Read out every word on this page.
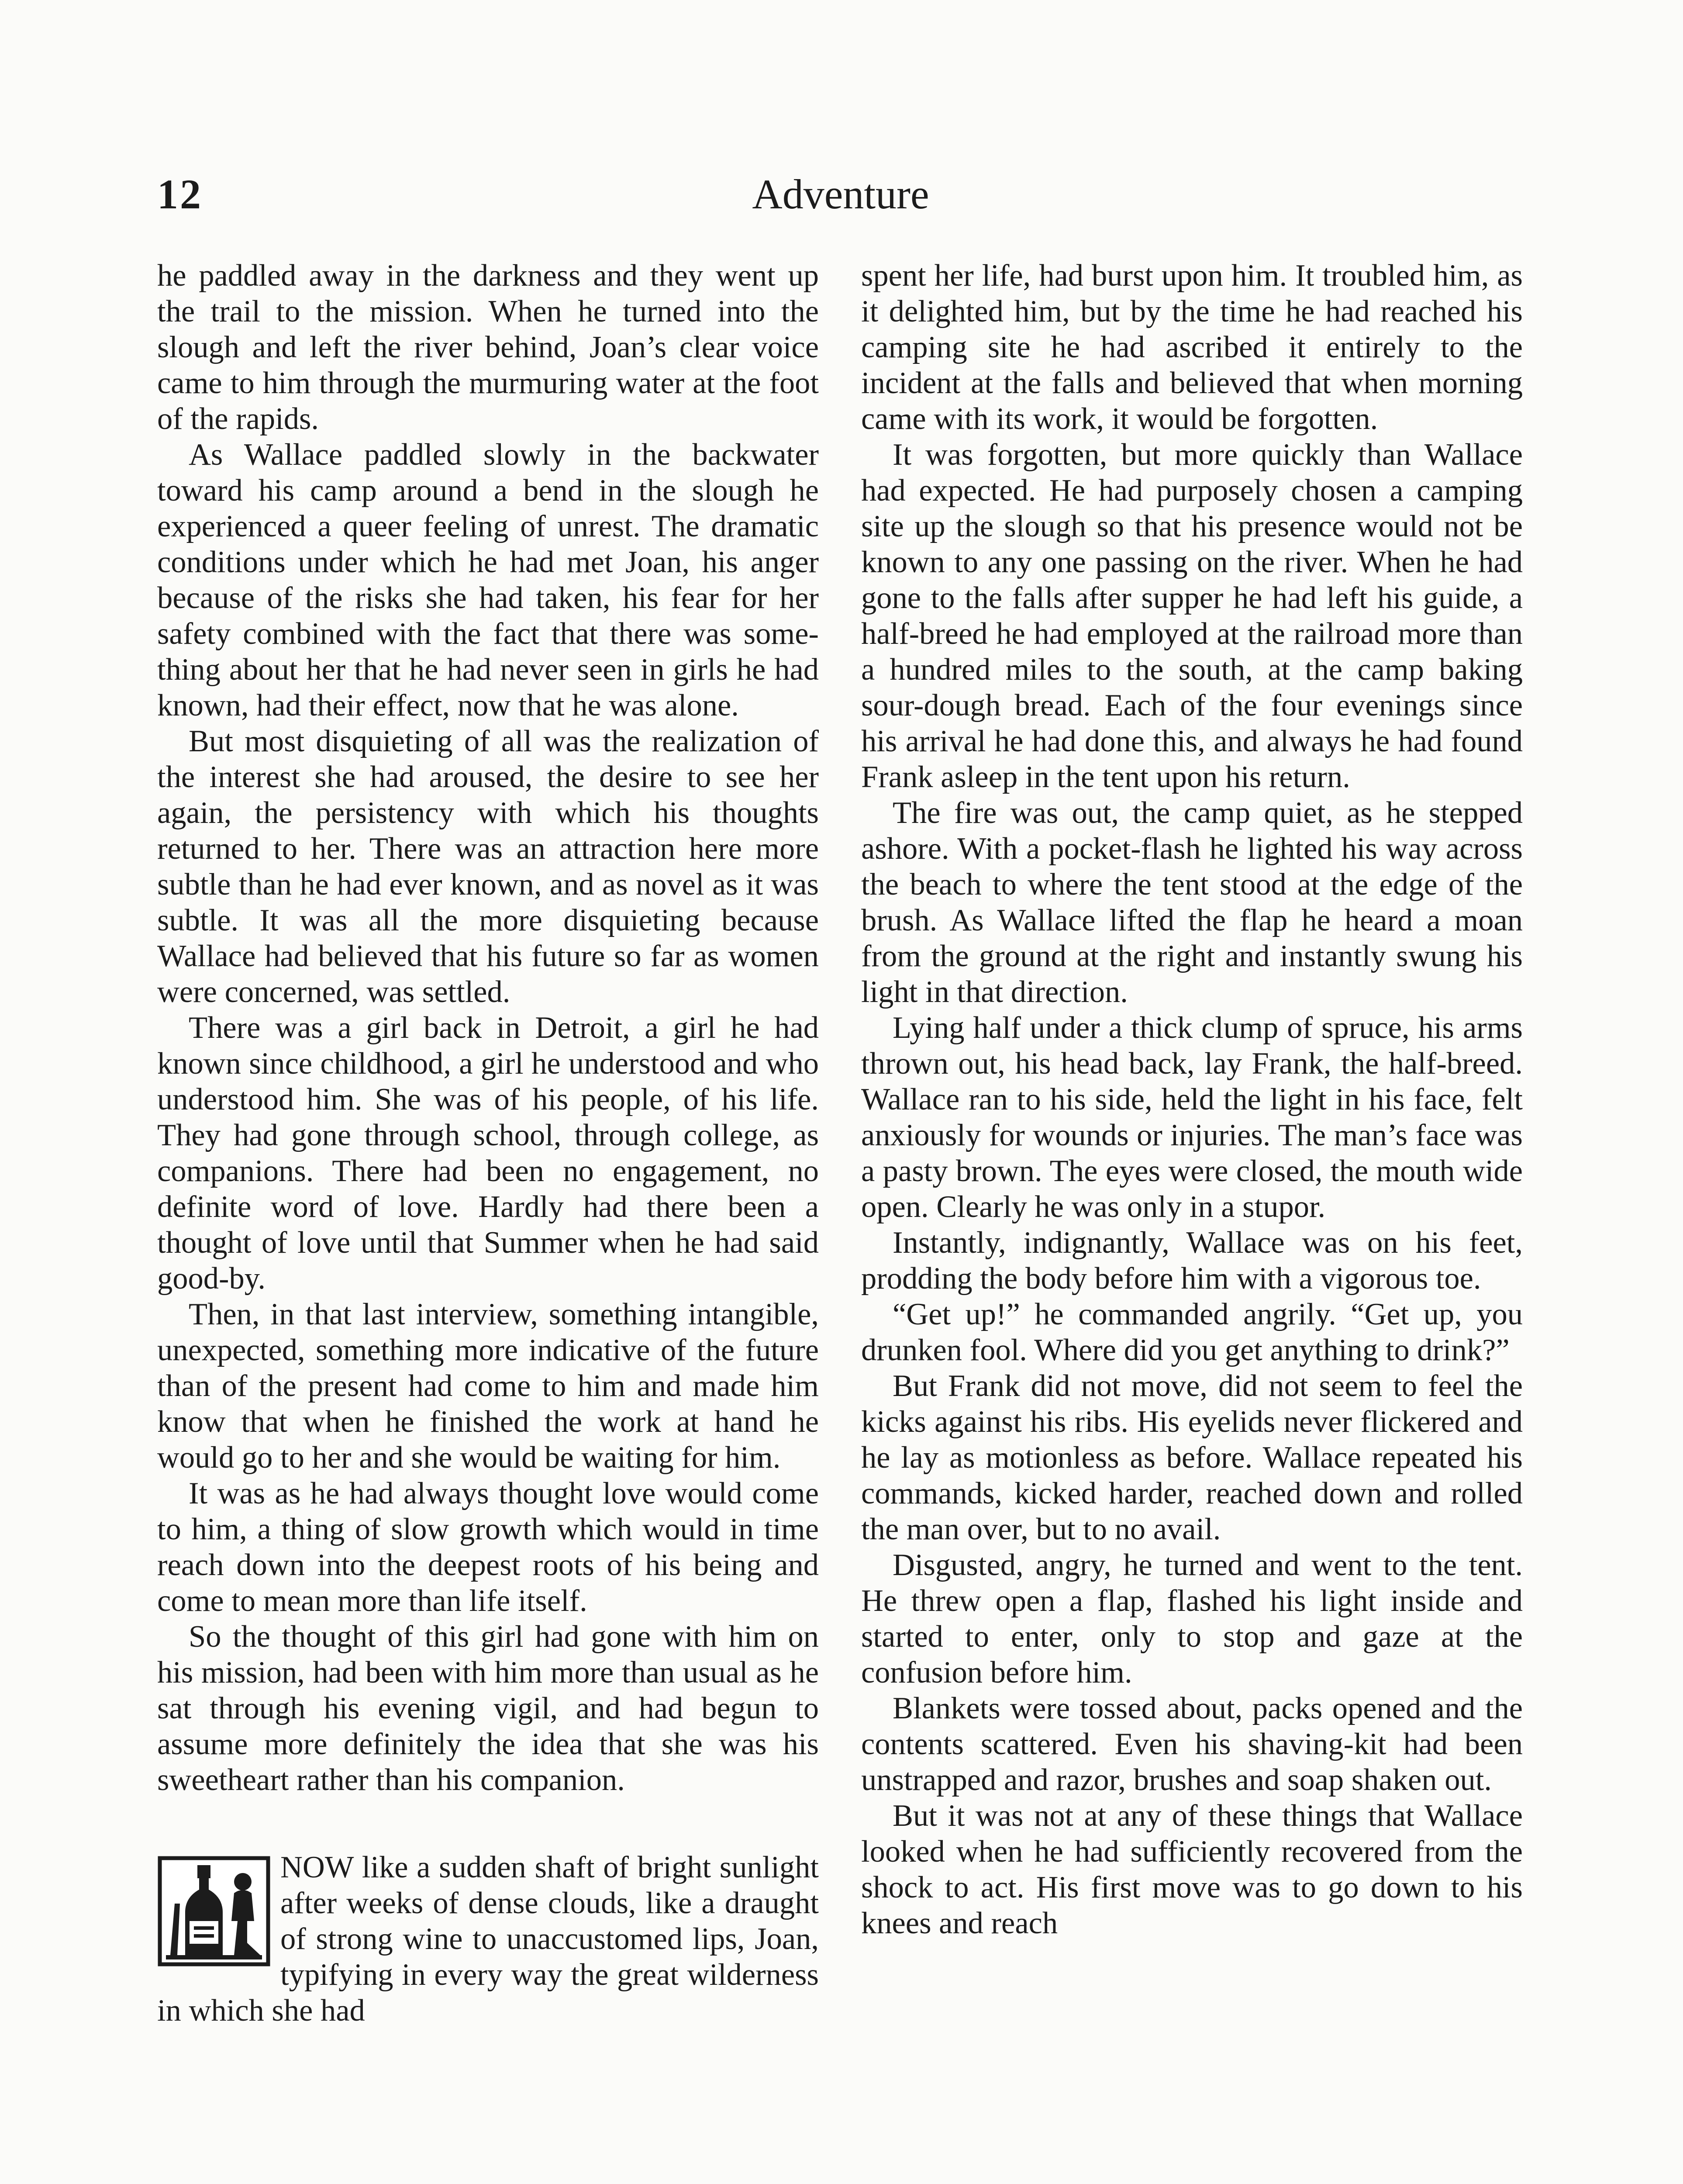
12	Adventure

he paddled away in the darkness and they went up the trail to the mission. When he turned into the slough and left the river behind, Joan’s clear voice came to him through the murmuring water at the foot of the rapids.

As Wallace paddled slowly in the backwater toward his camp around a bend in the slough he experienced a queer feeling of unrest. The dramatic conditions under which he had met Joan, his anger because of the risks she had taken, his fear for her safety combined with the fact that there was something about her that he had never seen in girls he had known, had their effect, now that he was alone.

But most disquieting of all was the realization of the interest she had aroused, the desire to see her again, the persistency with which his thoughts returned to her. There was an attraction here more subtle than he had ever known, and as novel as it was subtle. It was all the more disquieting because Wallace had believed that his future so far as women were concerned, was settled.

There was a girl back in Detroit, a girl he had known since childhood, a girl he understood and who understood him. She was of his people, of his life. They had gone through school, through college, as companions. There had been no engagement, no definite word of love. Hardly had there been a thought of love until that Summer when he had said good-by.

Then, in that last interview, something intangible, unexpected, something more indicative of the future than of the present had come to him and made him know that when he finished the work at hand he would go to her and she would be waiting for him.

It was as he had always thought love would come to him, a thing of slow growth which would in time reach down into the deepest roots of his being and come to mean more than life itself.

So the thought of this girl had gone with him on his mission, had been with him more than usual as he sat through his evening vigil, and had begun to assume more definitely the idea that she was his sweetheart rather than his companion.

NOW like a sudden shaft of bright sunlight after weeks of dense clouds, like a draught of strong wine to unaccustomed lips, Joan, typifying in every way the great wilderness in which she had

spent her life, had burst upon him. It troubled him, as it delighted him, but by the time he had reached his camping site he had ascribed it entirely to the incident at the falls and believed that when morning came with its work, it would be forgotten.

It was forgotten, but more quickly than Wallace had expected. He had purposely chosen a camping site up the slough so that his presence would not be known to any one passing on the river. When he had gone to the falls after supper he had left his guide, a half-breed he had employed at the railroad more than a hundred miles to the south, at the camp baking sour-dough bread. Each of the four evenings since his arrival he had done this, and always he had found Frank asleep in the tent upon his return.

The fire was out, the camp quiet, as he stepped ashore. With a pocket-flash he lighted his way across the beach to where the tent stood at the edge of the brush. As Wallace lifted the flap he heard a moan from the ground at the right and instantly swung his light in that direction.

Lying half under a thick clump of spruce, his arms thrown out, his head back, lay Frank, the half-breed. Wallace ran to his side, held the light in his face, felt anxiously for wounds or injuries. The man’s face was a pasty brown. The eyes were closed, the mouth wide open. Clearly he was only in a stupor.

Instantly, indignantly, Wallace was on his feet, prodding the body before him with a vigorous toe.

“Get up!” he commanded angrily. “Get up, you drunken fool. Where did you get anything to drink?”

But Frank did not move, did not seem to feel the kicks against his ribs. His eyelids never flickered and he lay as motionless as before. Wallace repeated his commands, kicked harder, reached down and rolled the man over, but to no avail.

Disgusted, angry, he turned and went to the tent. He threw open a flap, flashed his light inside and started to enter, only to stop and gaze at the confusion before him.

Blankets were tossed about, packs opened and the contents scattered. Even his shaving-kit had been unstrapped and razor, brushes and soap shaken out.

But it was not at any of these things that Wallace looked when he had sufficiently recovered from the shock to act. His first move was to go down to his knees and reach
